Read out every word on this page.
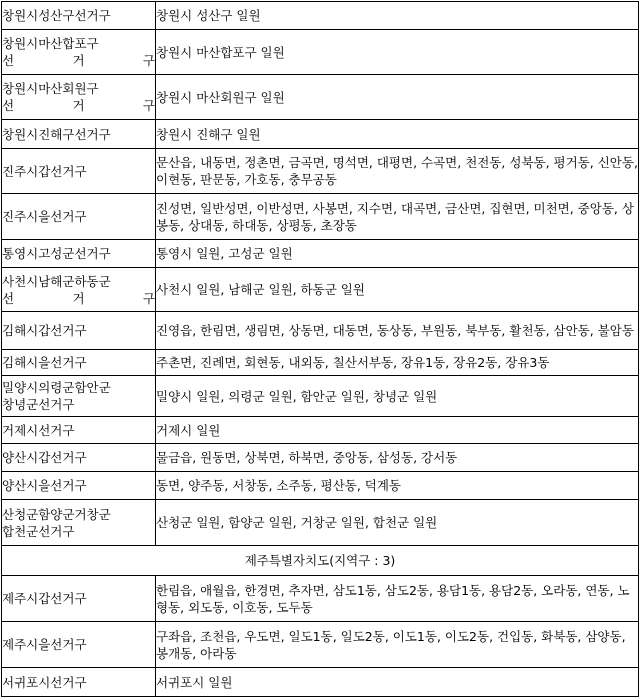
창원시성산구선거구	창원시 성산구 일원

창원시마산합포구
선 거 구	창원시 마산합포구 일원

창원시마산회원구
선 거 구	창원시 마산회원구 일원
창원시진해구선거구	창원시 진해구 일원

진주시갑선거구	문산읍, 내동면, 정촌면, 금곡면, 명석면, 대평면, 수곡면, 천전동, 성북동, 평거동, 신안동, 이현동, 판문동, 가호동, 충무공동

진주시을선거구	진성면, 일반성면, 이반성면, 사봉면, 지수면, 대곡면, 금산면, 집현면, 미천면, 중앙동, 상봉동, 상대동, 하대동, 상평동, 초장동
통영시고성군선거구	통영시 일원, 고성군 일원

사천시남해군하동군
선 거 구	사천시 일원, 남해군 일원, 하동군 일원

김해시갑선거구	진영읍, 한림면, 생림면, 상동면, 대동면, 동상동, 부원동, 북부동, 활천동, 삼안동, 불암동

김해시을선거구	주촌면, 진례면, 회현동, 내외동, 칠산서부동, 장유1동, 장유2동, 장유3동

밀양시의령군함안군
창녕군선거구	밀양시 일원, 의령군 일원, 함안군 일원, 창녕군 일원

거제시선거구	거제시 일원

양산시갑선거구	물금읍, 원동면, 상북면, 하북면, 중앙동, 삼성동, 강서동

양산시을선거구	동면, 양주동, 서창동, 소주동, 평산동, 덕계동

산청군함양군거창군
합천군선거구	산청군 일원, 함양군 일원, 거창군 일원, 합천군 일원
제주특별자치도(지역구 : 3)	

제주시갑선거구	한림읍, 애월읍, 한경면, 추자면, 삼도1동, 삼도2동, 용담1동, 용담2동, 오라동, 연동, 노형동, 외도동, 이호동, 도두동

제주시을선거구	구좌읍, 조천읍, 우도면, 일도1동, 일도2동, 이도1동, 이도2동, 건입동, 화북동, 삼양동, 봉개동, 아라동

서귀포시선거구	서귀포시 일원
